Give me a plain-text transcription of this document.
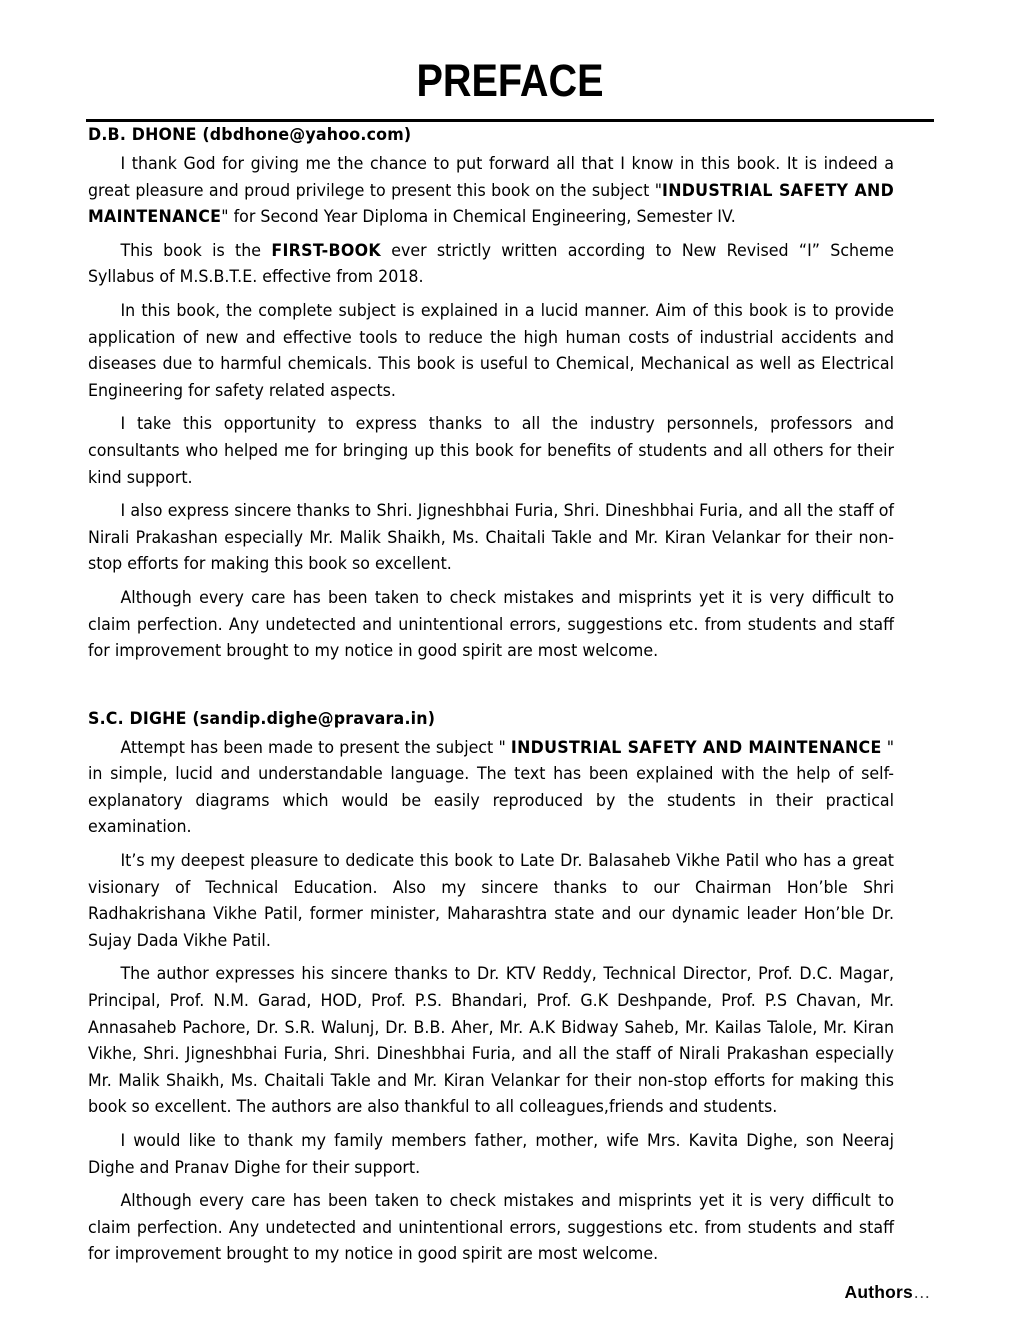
PREFACE

D.B. DHONE (dbdhone@yahoo.com)

I thank God for giving me the chance to put forward all that I know in this book. It is indeed a great pleasure and proud privilege to present this book on the subject "INDUSTRIAL SAFETY AND MAINTENANCE" for Second Year Diploma in Chemical Engineering, Semester IV.

This book is the FIRST-BOOK ever strictly written according to New Revised “I” Scheme Syllabus of M.S.B.T.E. effective from 2018.

In this book, the complete subject is explained in a lucid manner. Aim of this book is to provide application of new and effective tools to reduce the high human costs of industrial accidents and diseases due to harmful chemicals. This book is useful to Chemical, Mechanical as well as Electrical Engineering for safety related aspects.

I take this opportunity to express thanks to all the industry personnels, professors and consultants who helped me for bringing up this book for benefits of students and all others for their kind support.

I also express sincere thanks to Shri. Jigneshbhai Furia, Shri. Dineshbhai Furia, and all the staff of Nirali Prakashan especially Mr. Malik Shaikh, Ms. Chaitali Takle and Mr. Kiran Velankar for their non-stop efforts for making this book so excellent.

Although every care has been taken to check mistakes and misprints yet it is very difficult to claim perfection. Any undetected and unintentional errors, suggestions etc. from students and staff for improvement brought to my notice in good spirit are most welcome.

S.C. DIGHE (sandip.dighe@pravara.in)

Attempt has been made to present the subject " INDUSTRIAL SAFETY AND MAINTENANCE " in simple, lucid and understandable language. The text has been explained with the help of self-explanatory diagrams which would be easily reproduced by the students in their practical examination.

It’s my deepest pleasure to dedicate this book to Late Dr. Balasaheb Vikhe Patil who has a great visionary of Technical Education. Also my sincere thanks to our Chairman Hon’ble Shri Radhakrishana Vikhe Patil, former minister, Maharashtra state and our dynamic leader Hon’ble Dr. Sujay Dada Vikhe Patil.

The author expresses his sincere thanks to Dr. KTV Reddy, Technical Director, Prof. D.C. Magar, Principal, Prof. N.M. Garad, HOD, Prof. P.S. Bhandari, Prof. G.K Deshpande, Prof. P.S Chavan, Mr. Annasaheb Pachore, Dr. S.R. Walunj, Dr. B.B. Aher, Mr. A.K Bidway Saheb, Mr. Kailas Talole, Mr. Kiran Vikhe, Shri. Jigneshbhai Furia, Shri. Dineshbhai Furia, and all the staff of Nirali Prakashan especially Mr. Malik Shaikh, Ms. Chaitali Takle and Mr. Kiran Velankar for their non-stop efforts for making this book so excellent. The authors are also thankful to all colleagues,friends and students.

I would like to thank my family members father, mother, wife Mrs. Kavita Dighe, son Neeraj Dighe and Pranav Dighe for their support.

Although every care has been taken to check mistakes and misprints yet it is very difficult to claim perfection. Any undetected and unintentional errors, suggestions etc. from students and staff for improvement brought to my notice in good spirit are most welcome.

Authors…
